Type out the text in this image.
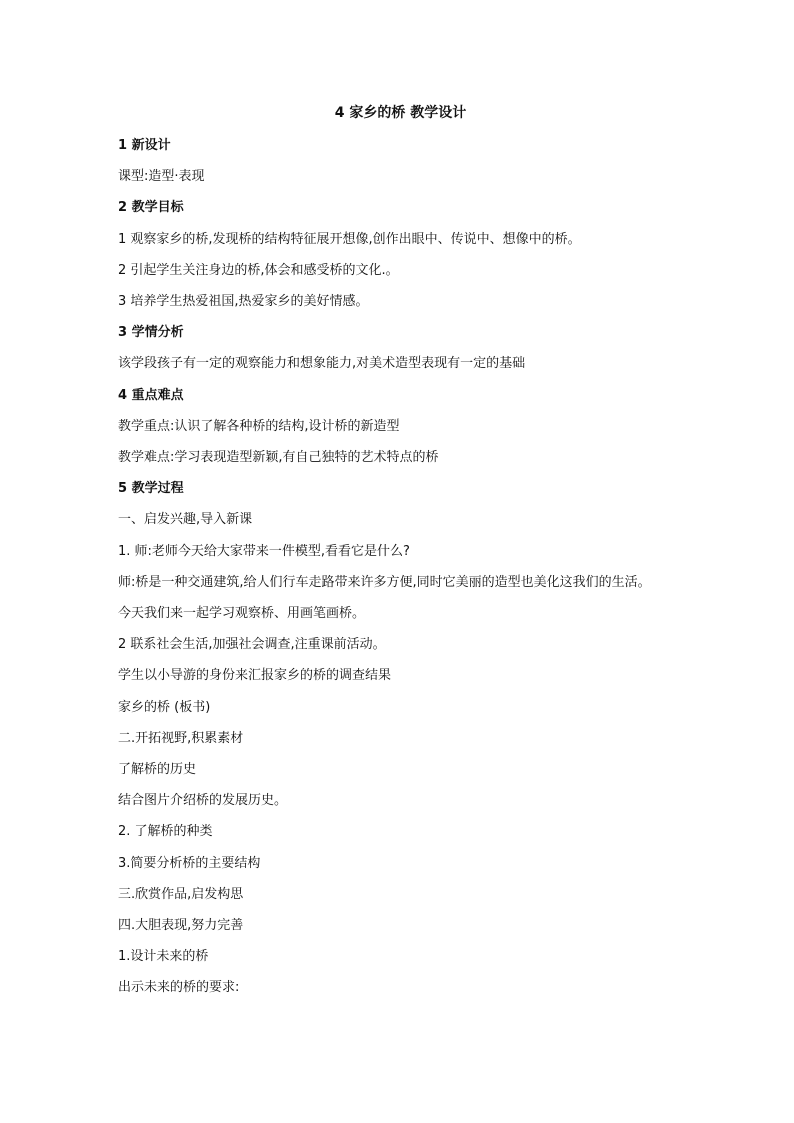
4 家乡的桥 教学设计

1 新设计

课型:造型·表现

2 教学目标

1 观察家乡的桥,发现桥的结构特征展开想像,创作出眼中、传说中、想像中的桥。

2 引起学生关注身边的桥,体会和感受桥的文化.。

3 培养学生热爱祖国,热爱家乡的美好情感。

3 学情分析

该学段孩子有一定的观察能力和想象能力,对美术造型表现有一定的基础

4 重点难点

教学重点:认识了解各种桥的结构,设计桥的新造型

教学难点:学习表现造型新颖,有自己独特的艺术特点的桥

5 教学过程

一、启发兴趣,导入新课

1. 师:老师今天给大家带来一件模型,看看它是什么?

师:桥是一种交通建筑,给人们行车走路带来许多方便,同时它美丽的造型也美化这我们的生活。

今天我们来一起学习观察桥、用画笔画桥。

2 联系社会生活,加强社会调查,注重课前活动。

学生以小导游的身份来汇报家乡的桥的调查结果

家乡的桥 (板书)

二.开拓视野,积累素材

了解桥的历史

结合图片介绍桥的发展历史。

2. 了解桥的种类

3.简要分析桥的主要结构

三.欣赏作品,启发构思

四.大胆表现,努力完善

1.设计未来的桥

出示未来的桥的要求:
